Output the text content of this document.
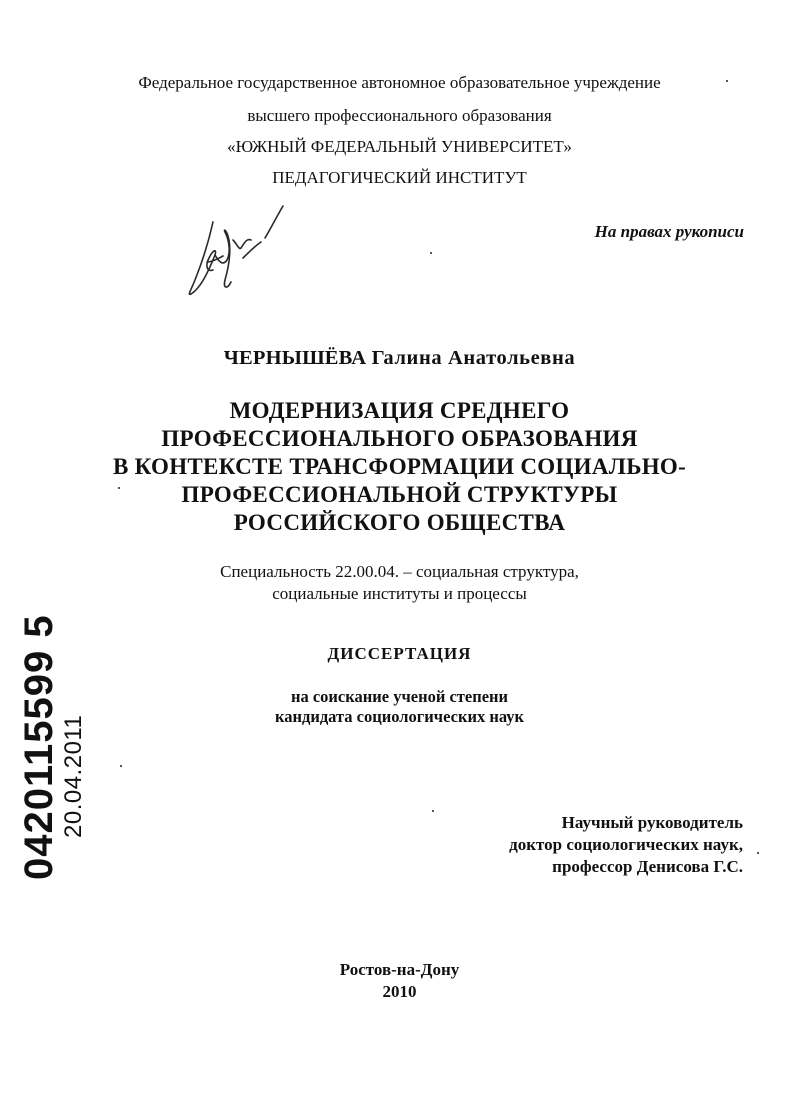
Федеральное государственное автономное образовательное учреждение
высшего профессионального образования
«ЮЖНЫЙ ФЕДЕРАЛЬНЫЙ УНИВЕРСИТЕТ»
ПЕДАГОГИЧЕСКИЙ ИНСТИТУТ
На правах рукописи
ЧЕРНЫШЁВА Галина Анатольевна
МОДЕРНИЗАЦИЯ СРЕДНЕГО
ПРОФЕССИОНАЛЬНОГО ОБРАЗОВАНИЯ
В КОНТЕКСТЕ ТРАНСФОРМАЦИИ СОЦИАЛЬНО-
ПРОФЕССИОНАЛЬНОЙ СТРУКТУРЫ
РОССИЙСКОГО ОБЩЕСТВА
Специальность 22.00.04. – социальная структура,
социальные институты и процессы
ДИССЕРТАЦИЯ
на соискание ученой степени
кандидата социологических наук
Научный руководитель
доктор социологических наук,
профессор Денисова Г.С.
Ростов-на-Дону
2010
0420115599 5 20.04.2011
